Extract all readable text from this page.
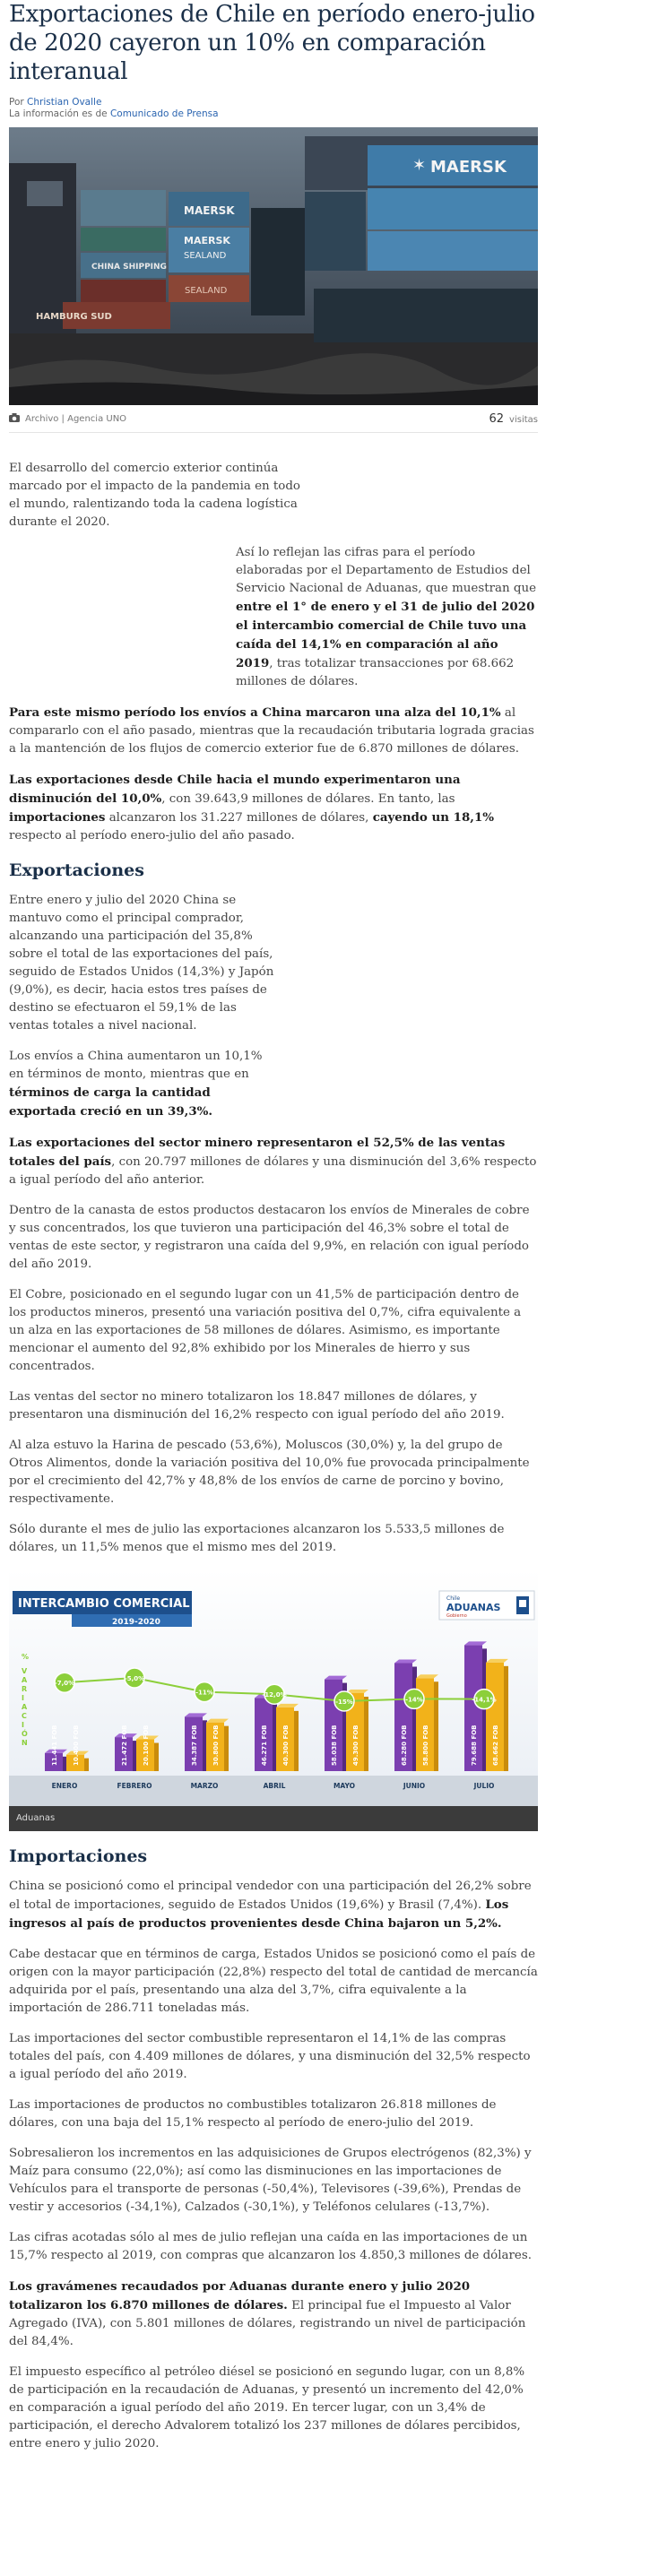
Exportaciones de Chile en período enero-julio de 2020 cayeron un 10% en comparación interanual
Por Christian Ovalle
La información es de Comunicado de Prensa
CHINA SHIPPING
HAMBURG SUD
MAERSK
MAERSK
SEALAND
SEALAND
MAERSK
✶
Archivo | Agencia UNO	62 visitas

El desarrollo del comercio exterior continúa marcado por el impacto de la pandemia en todo el mundo, ralentizando toda la cadena logística durante el 2020.

Así lo reflejan las cifras para el período elaboradas por el Departamento de Estudios del Servicio Nacional de Aduanas, que muestran que entre el 1° de enero y el 31 de julio del 2020 el intercambio comercial de Chile tuvo una caída del 14,1% en comparación al año 2019, tras totalizar transacciones por 68.662 millones de dólares.

Para este mismo período los envíos a China marcaron una alza del 10,1% al compararlo con el año pasado, mientras que la recaudación tributaria lograda gracias a la mantención de los flujos de comercio exterior fue de 6.870 millones de dólares.

Las exportaciones desde Chile hacia el mundo experimentaron una disminución del 10,0%, con 39.643,9 millones de dólares. En tanto, las importaciones alcanzaron los 31.227 millones de dólares, cayendo un 18,1% respecto al período enero-julio del año pasado.

Exportaciones

Entre enero y julio del 2020 China se mantuvo como el principal comprador, alcanzando una participación del 35,8% sobre el total de las exportaciones del país, seguido de Estados Unidos (14,3%) y Japón (9,0%), es decir, hacia estos tres países de destino se efectuaron el 59,1% de las ventas totales a nivel nacional.

Los envíos a China aumentaron un 10,1% en términos de monto, mientras que en términos de carga la cantidad exportada creció en un 39,3%.

Las exportaciones del sector minero representaron el 52,5% de las ventas totales del país, con 20.797 millones de dólares y una disminución del 3,6% respecto a igual período del año anterior.

Dentro de la canasta de estos productos destacaron los envíos de Minerales de cobre y sus concentrados, los que tuvieron una participación del 46,3% sobre el total de ventas de este sector, y registraron una caída del 9,9%, en relación con igual período del año 2019.

El Cobre, posicionado en el segundo lugar con un 41,5% de participación dentro de los productos mineros, presentó una variación positiva del 0,7%, cifra equivalente a un alza en las exportaciones de 58 millones de dólares. Asimismo, es importante mencionar el aumento del 92,8% exhibido por los Minerales de hierro y sus concentrados.

Las ventas del sector no minero totalizaron los 18.847 millones de dólares, y presentaron una disminución del 16,2% respecto con igual período del año 2019.

Al alza estuvo la Harina de pescado (53,6%), Moluscos (30,0%) y, la del grupo de Otros Alimentos, donde la variación positiva del 10,0% fue provocada principalmente por el crecimiento del 42,7% y 48,8% de los envíos de carne de porcino y bovino, respectivamente.

Sólo durante el mes de julio las exportaciones alcanzaron los 5.533,5 millones de dólares, un 11,5% menos que el mismo mes del 2019.

INTERCAMBIO COMERCIAL
2019-2020
Chile
ADUANAS
Gobierno
%
V
A
R
I
A
C
I
Ó
N	11.441 FOB 10.400 FOB	21.472 FOB 20.100 FOB	34.387 FOB 30.800 FOB	46.271 FOB 40.300 FOB	58.038 FOB 49.300 FOB	68.280 FOB 58.800 FOB	79.688 FOB 68.662 FOB
-7,0%
-5,0%
-11%	-12,0%
-15%	-14%	-14,1%
ENERO	FEBRERO	MARZO	ABRIL	MAYO	JUNIO	JULIO
Aduanas
Importaciones

China se posicionó como el principal vendedor con una participación del 26,2% sobre el total de importaciones, seguido de Estados Unidos (19,6%) y Brasil (7,4%). Los ingresos al país de productos provenientes desde China bajaron un 5,2%.

Cabe destacar que en términos de carga, Estados Unidos se posicionó como el país de origen con la mayor participación (22,8%) respecto del total de cantidad de mercancía adquirida por el país, presentando una alza del 3,7%, cifra equivalente a la importación de 286.711 toneladas más.

Las importaciones del sector combustible representaron el 14,1% de las compras totales del país, con 4.409 millones de dólares, y una disminución del 32,5% respecto a igual período del año 2019.

Las importaciones de productos no combustibles totalizaron 26.818 millones de dólares, con una baja del 15,1% respecto al período de enero-julio del 2019.

Sobresalieron los incrementos en las adquisiciones de Grupos electrógenos (82,3%) y Maíz para consumo (22,0%); así como las disminuciones en las importaciones de Vehículos para el transporte de personas (-50,4%), Televisores (-39,6%), Prendas de vestir y accesorios (-34,1%), Calzados (-30,1%), y Teléfonos celulares (-13,7%).

Las cifras acotadas sólo al mes de julio reflejan una caída en las importaciones de un 15,7% respecto al 2019, con compras que alcanzaron los 4.850,3 millones de dólares.

Los gravámenes recaudados por Aduanas durante enero y julio 2020 totalizaron los 6.870 millones de dólares. El principal fue el Impuesto al Valor Agregado (IVA), con 5.801 millones de dólares, registrando un nivel de participación del 84,4%.

El impuesto específico al petróleo diésel se posicionó en segundo lugar, con un 8,8% de participación en la recaudación de Aduanas, y presentó un incremento del 42,0% en comparación a igual período del año 2019. En tercer lugar, con un 3,4% de participación, el derecho Advalorem totalizó los 237 millones de dólares percibidos, entre enero y julio 2020.
